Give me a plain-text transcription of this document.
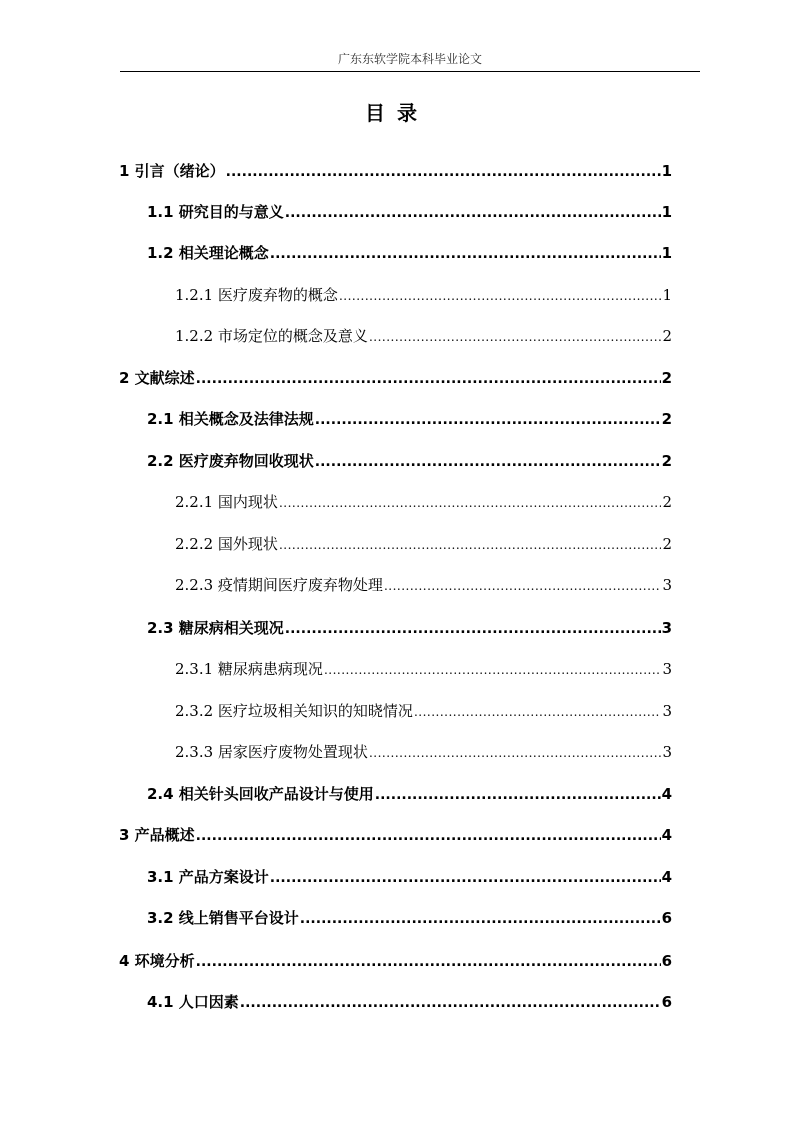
广东东软学院本科毕业论文
目录
1 引言（绪论） .....	1
1.1 研究目的与意义 .....	1
1.2 相关理论概念 .....	1
1.2.1 医疗废弃物的概念 .....	1
1.2.2 市场定位的概念及意义 .....	2
2 文献综述 .....	2
2.1 相关概念及法律法规 .....	2
2.2 医疗废弃物回收现状 .....	2
2.2.1 国内现状 .....	2
2.2.2 国外现状 .....	2
2.2.3 疫情期间医疗废弃物处理 .....	3
2.3 糖尿病相关现况 .....	3
2.3.1 糖尿病患病现况 .....	3
2.3.2 医疗垃圾相关知识的知晓情况 .....	3
2.3.3 居家医疗废物处置现状 .....	3
2.4 相关针头回收产品设计与使用 .....	4
3 产品概述 .....	4
3.1 产品方案设计 .....	4
3.2 线上销售平台设计 .....	6
4 环境分析 .....	6
4.1 人口因素 .....	6
